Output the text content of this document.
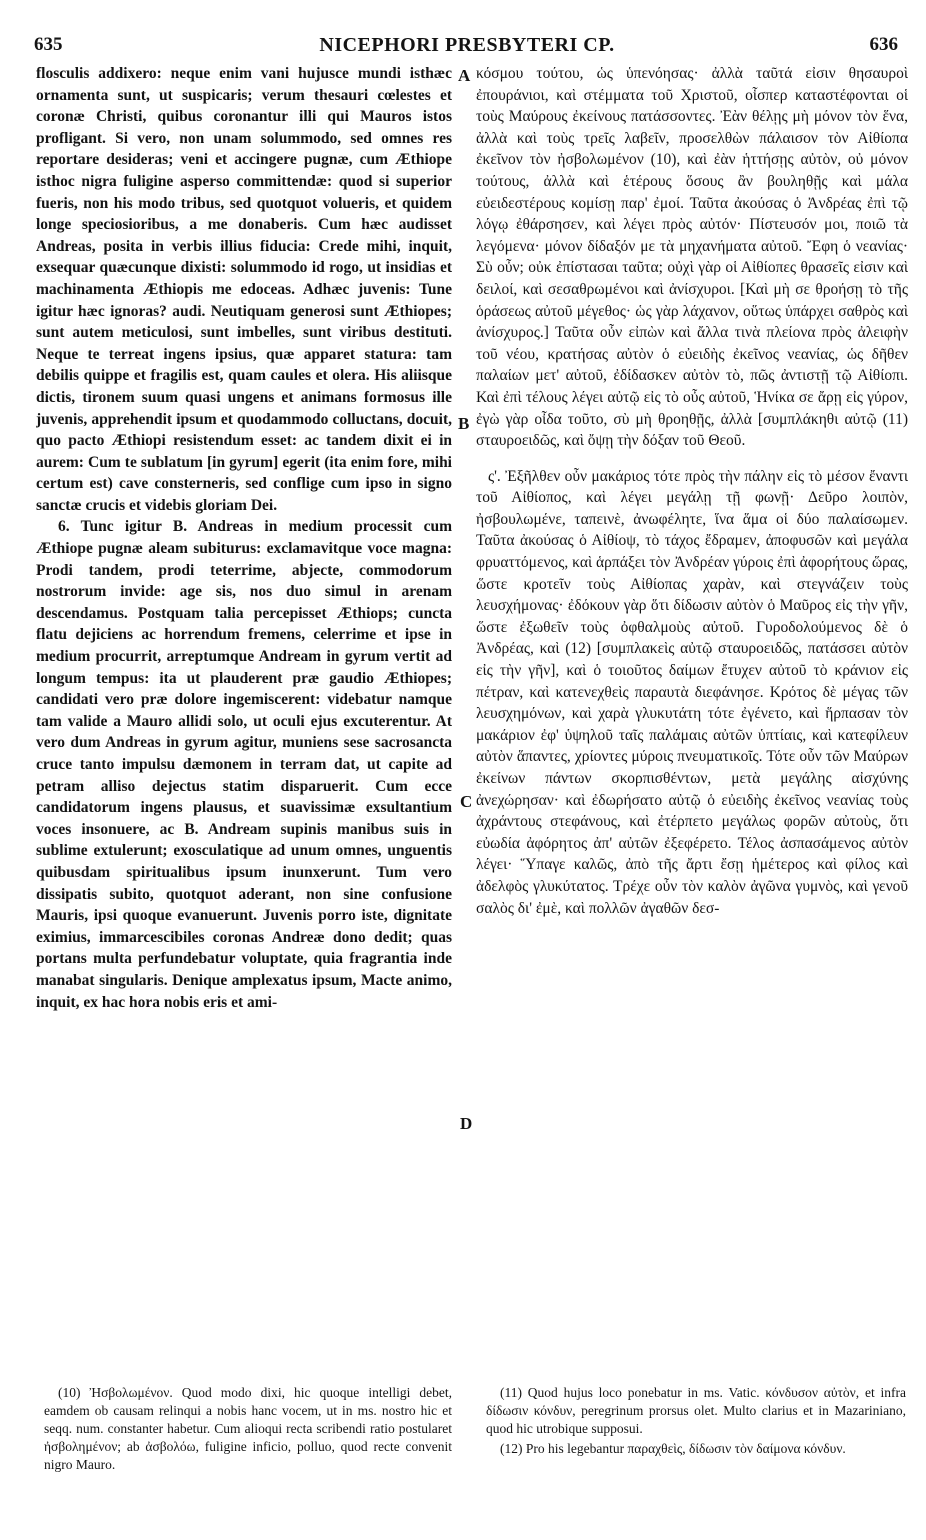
635	NICEPHORI PRESBYTERI CP.	636

flosculis addixero: neque enim vani hujusce mundi isthæc ornamenta sunt, ut suspicaris; verum thesauri cœlestes et coronæ Christi, quibus coronantur illi qui Mauros istos profligant. Si vero, non unam solummodo, sed omnes res reportare desideras; veni et accingere pugnæ, cum Æthiope isthoc nigra fuligine asperso committendæ: quod si superior fueris, non his modo tribus, sed quotquot volueris, et quidem longe speciosioribus, a me donaberis. Cum hæc audisset Andreas, posita in verbis illius fiducia: Crede mihi, inquit, exsequar quæcunque dixisti: solummodo id rogo, ut insidias et machinamenta Æthiopis me edoceas. Adhæc juvenis: Tune igitur hæc ignoras? audi. Neutiquam generosi sunt Æthiopes; sunt autem meticulosi, sunt imbelles, sunt viribus destituti. Neque te terreat ingens ipsius, quæ apparet statura: tam debilis quippe et fragilis est, quam caules et olera. His aliisque dictis, tironem suum quasi ungens et animans formosus ille juvenis, apprehendit ipsum et quodammodo colluctans, docuit, quo pacto Æthiopi resistendum esset: ac tandem dixit ei in aurem: Cum te sublatum [in gyrum] egerit (ita enim fore, mihi certum est) cave consterneris, sed confligе cum ipso in signo sanctæ crucis et videbis gloriam Dei.

6. Tunc igitur B. Andreas in medium processit cum Æthiope pugnæ aleam subiturus: exclamavitque voce magna: Prodi tandem, prodi teterrime, abjecte, commodorum nostrorum invide: age sis, nos duo simul in arenam descendamus. Postquam talia percepisset Æthiops; cuncta flatu dejiciens ac horrendum fremens, celerrime et ipse in medium procurrit, arreptumque Andream in gyrum vertit ad longum tempus: ita ut plauderent præ gaudio Æthiopes; candidati vero præ dolore ingemiscerent: videbatur namque tam valide a Mauro allidi solo, ut oculi ejus excuterentur. At vero dum Andreas in gyrum agitur, muniens sese sacrosancta cruce tanto impulsu dæmonem in terram dat, ut capite ad petram alliso dejectus statim disparuerit. Cum ecce candidatorum ingens plausus, et suavissimæ exsultantium voces insonuere, ac B. Andream supinis manibus suis in sublime extulerunt; exosculatique ad unum omnes, unguentis quibusdam spiritualibus ipsum inunxerunt. Tum vero dissipatis subito, quotquot aderant, non sine confusione Mauris, ipsi quoque evanuerunt. Juvenis porro iste, dignitate eximius, immarcescibiles coronas Andreæ dono dedit; quas portans multa perfundebatur voluptate, quia fragrantia inde manabat singularis. Denique amplexatus ipsum, Macte animo, inquit, ex hac hora nobis eris et ami-

A
B
C
D

κόσμου τούτου, ὡς ὑπενόησας· ἀλλὰ ταῦτά εἰσιν θησαυροὶ ἐπουράνιοι, καὶ στέμματα τοῦ Χριστοῦ, οἷσπερ καταστέφονται οἱ τοὺς Μαύρους ἐκείνους πατάσσοντες. Ἐὰν θέλῃς μὴ μόνον τὸν ἕνα, ἀλλὰ καὶ τοὺς τρεῖς λαβεῖν, προσελθὼν πάλαισον τὸν Αἰθίοπα ἐκεῖνον τὸν ἠσβολωμένον (10), καὶ ἐὰν ἡττήσῃς αὐτὸν, οὐ μόνον τούτους, ἀλλὰ καὶ ἑτέρους ὅσους ἂν βουληθῇς καὶ μάλα εὐειδεστέρους κομίσῃ παρ' ἐμοί. Ταῦτα ἀκούσας ὁ Ἀνδρέας ἐπὶ τῷ λόγῳ ἐθάρσησεν, καὶ λέγει πρὸς αὐτόν· Πίστευσόν μοι, ποιῶ τὰ λεγόμενα· μόνον δίδαξόν με τὰ μηχανήματα αὐτοῦ. Ἔφη ὁ νεανίας· Σὺ οὖν; οὐκ ἐπίστασαι ταῦτα; οὐχὶ γὰρ οἱ Αἰθίοπες θρασεῖς εἰσιν καὶ δειλοί, καὶ σεσαθρωμένοι καὶ ἀνίσχυροι. [Καὶ μὴ σε θροήσῃ τὸ τῆς ὁράσεως αὐτοῦ μέγεθος· ὡς γὰρ λάχανον, οὕτως ὑπάρχει σαθρὸς καὶ ἀνίσχυρος.] Ταῦτα οὖν εἰπὼν καὶ ἄλλα τινὰ πλείονα πρὸς ἀλειφὴν τοῦ νέου, κρατήσας αὐτὸν ὁ εὐειδὴς ἐκεῖνος νεανίας, ὡς δῆθεν παλαίων μετ' αὐτοῦ, ἐδίδασκεν αὐτὸν τὸ, πῶς ἀντιστῇ τῷ Αἰθίοπι. Καὶ ἐπὶ τέλους λέγει αὐτῷ εἰς τὸ οὖς αὐτοῦ, Ἡνίκα σε ἄρῃ εἰς γύρον, ἐγὼ γὰρ οἶδα τοῦτο, σὺ μὴ θροηθῇς, ἀλλὰ [συμπλάκηθι αὐτῷ (11) σταυροειδῶς, καὶ ὄψῃ τὴν δόξαν τοῦ Θεοῦ.

ς'. Ἐξῆλθεν οὖν μακάριος τότε πρὸς τὴν πάλην εἰς τὸ μέσον ἔναντι τοῦ Αἰθίοπος, καὶ λέγει μεγάλῃ τῇ φωνῇ· Δεῦρο λοιπὸν, ἠσβουλωμένε, ταπεινὲ, ἀνωφέλητε, ἵνα ἅμα οἱ δύο παλαίσωμεν. Ταῦτα ἀκούσας ὁ Αἰθίοψ, τὸ τάχος ἔδραμεν, ἀποφυσῶν καὶ μεγάλα φρυαττόμενος, καὶ ἁρπάξει τὸν Ἀνδρέαν γύροις ἐπὶ ἀφορήτους ὥρας, ὥστε κροτεῖν τοὺς Αἰθίοπας χαρὰν, καὶ στεγνάζειν τοὺς λευσχήμονας· ἐδόκουν γὰρ ὅτι δίδωσιν αὐτὸν ὁ Μαῦρος εἰς τὴν γῆν, ὥστε ἐξωθεῖν τοὺς ὀφθαλμοὺς αὐτοῦ. Γυροδολούμενος δὲ ὁ Ἀνδρέας, καὶ (12) [συμπλακεὶς αὐτῷ σταυροειδῶς, πατάσσει αὐτὸν εἰς τὴν γῆν], καὶ ὁ τοιοῦτος δαίμων ἔτυχεν αὐτοῦ τὸ κράνιον εἰς πέτραν, καὶ κατενεχθεὶς παραυτὰ διεφάνησε. Κρότος δὲ μέγας τῶν λευσχημόνων, καὶ χαρὰ γλυκυτάτη τότε ἐγένετο, καὶ ἥρπασαν τὸν μακάριον ἐφ' ὑψηλοῦ ταῖς παλάμαις αὐτῶν ὑπτίαις, καὶ κατεφίλευν αὐτὸν ἅπαντες, χρίοντες μύροις πνευματικοῖς. Τότε οὖν τῶν Μαύρων ἐκείνων πάντων σκορπισθέντων, μετὰ μεγάλης αἰσχύνης ἀνεχώρησαν· καὶ ἐδωρήσατο αὐτῷ ὁ εὐειδὴς ἐκεῖνος νεανίας τοὺς ἀχράντους στεφάνους, καὶ ἐτέρπετο μεγάλως φορῶν αὐτοὺς, ὅτι εὐωδία ἀφόρητος ἀπ' αὐτῶν ἐξεφέρετο. Τέλος ἀσπασάμενος αὐτὸν λέγει· Ὕπαγε καλῶς, ἀπὸ τῆς ἄρτι ἔσῃ ἡμέτερος καὶ φίλος καὶ ἀδελφὸς γλυκύτατος. Τρέχε οὖν τὸν καλὸν ἀγῶνα γυμνὸς, καὶ γενοῦ σαλὸς δι' ἐμὲ, καὶ πολλῶν ἀγαθῶν δεσ-

(10) Ἠσβολωμένον. Quod modo dixi, hic quoque intelligi debet, eamdem ob causam relinqui a nobis hanc vocem, ut in ms. nostro hic et seqq. num. constanter habetur. Cum alioqui recta scribendi ratio postularet ἠσβολημένον; ab ἀσβολόω, fuligine inficio, polluo, quod recte convenit nigro Mauro.

(11) Quod hujus loco ponebatur in ms. Vatic. κόνδυσον αὐτὸν, et infra δίδωσιν κόνδυν, peregrinum prorsus olet. Multo clarius et in Mazariniano, quod hic utrobique supposui.

(12) Pro his legebantur παραχθεὶς, δίδωσιν τὸν δαίμονα κόνδυν.
